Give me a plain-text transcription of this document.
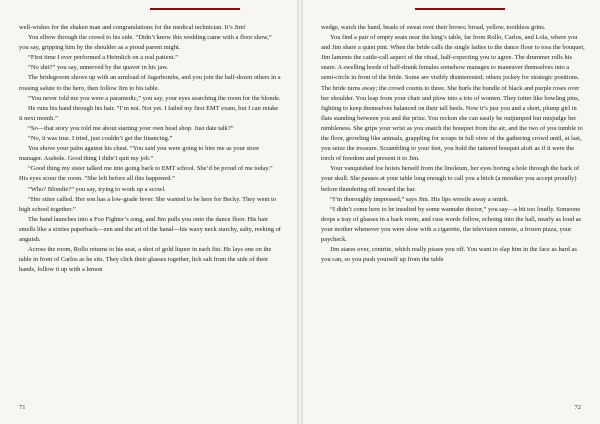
well-wishes for the shaken man and congratulations for the medical technician. It’s Jim!

You elbow through the crowd to his side. “Didn’t know this wedding came with a floor show,” you say, gripping him by the shoulder as a proud parent might.

“First time I ever performed a Heimlich on a real patient.”

“No shit?” you say, unnerved by the quaver in his jaw.

The bridegroom shows up with an armload of Jagerbombs, and you join the half-dozen others in a rousing salute to the hero, then follow Jim to his table.

“You never told me you were a paramedic,” you say, your eyes searching the room for the blonde.

He runs his hand through his hair. “I’m not. Not yet. I failed my first EMT exam, but I can retake it next month.”

“So—that story you told me about starting your own head shop. Just date talk?”

“No, it was true. I tried, just couldn’t get the financing.”

You shove your palm against his chest. “You said you were going to hire me as your store manager. Asshole. Good thing I didn’t quit my job.”

“Good thing my sister talked me into going back to EMT school. She’d be proud of me today.” His eyes scour the room. “She left before all this happened.”

“Who? Blondie?” you say, trying to work up a scowl.

“Her sitter called. Her son has a low-grade fever. She wanted to be here for Becky. They went to high school together.”

The band launches into a Foo Fighter’s song, and Jim pulls you onto the dance floor. His hair smells like a sixties paperback—zen and the art of the banal—his waxy neck starchy, salty, reeking of anguish.

Across the room, Rollo returns to his seat, a shot of gold liquor in each fist. He lays one on the table in front of Carlos as he sits. They click their glasses together, lick salt from the side of their hands, follow it up with a lemon

71

wedge, watch the band, beads of sweat over their brows; broad, yellow, toothless grins.

You find a pair of empty seats near the king’s table, far from Rollo, Carlos, and Lola, where you and Jim share a quiet pint. When the bride calls the single ladies to the dance floor to toss the bouquet, Jim laments the cattle-call aspect of the ritual, half-expecting you to agree. The drummer rolls his snare. A swelling horde of half-drunk females somehow manages to maneuver themselves into a semi-circle in front of the bride. Some are visibly disinterested; others jockey for strategic positions. The bride turns away; the crowd counts to three. She hurls the bundle of black and purple roses over her shoulder. You leap from your chair and plow into a trio of women. They totter like bowling pins, fighting to keep themselves balanced on their tall heels. Now it’s just you and a short, plump girl in flats standing between you and the prize. You reckon she can easily be outjumped but misjudge her nimbleness. She grips your wrist as you snatch the bouquet from the air, and the two of you tumble to the floor, growling like animals, grappling for scraps in full view of the gathering crowd until, at last, you seize the treasure. Scrambling to your feet, you hold the tattered bouquet aloft as if it were the torch of freedom and present it to Jim.

Your vanquished foe hoists herself from the linoleum, her eyes boring a hole through the back of your skull. She pauses at your table long enough to call you a bitch (a moniker you accept proudly) before thundering off toward the bar.

“I’m thoroughly impressed,” says Jim. His lips wrestle away a smirk.

“I didn’t come here to be insulted by some wannabe doctor,” you say—a bit too loudly. Someone drops a tray of glasses in a back room, and cuss words follow, echoing into the hall, nearly as loud as your mother whenever you were slow with a cigarette, the television remote, a frozen pizza, your paycheck.

Jim stares over, contrite, which really pisses you off. You want to slap him in the face as hard as you can, so you push yourself up from the table

72
